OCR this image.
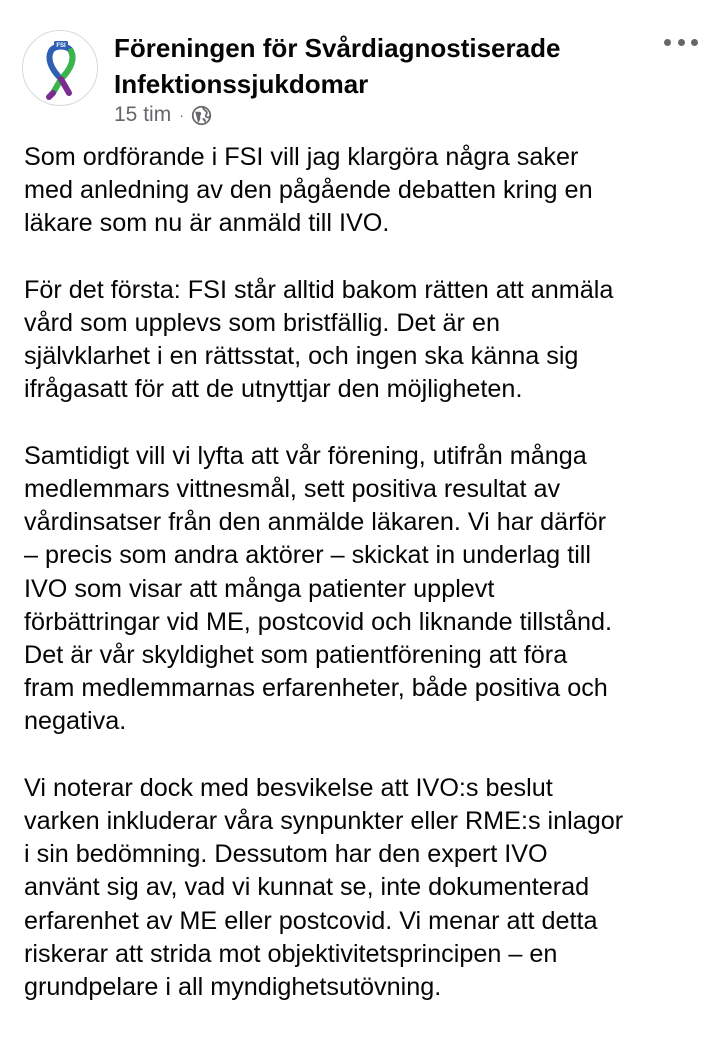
FSI Föreningen för Svårdiagnostiserade Infektionssjukdomar
15 tim ·

Som ordförande i FSI vill jag klargöra några saker
med anledning av den pågående debatten kring en
läkare som nu är anmäld till IVO.

För det första: FSI står alltid bakom rätten att anmäla
vård som upplevs som bristfällig. Det är en
självklarhet i en rättsstat, och ingen ska känna sig
ifrågasatt för att de utnyttjar den möjligheten.

Samtidigt vill vi lyfta att vår förening, utifrån många
medlemmars vittnesmål, sett positiva resultat av
vårdinsatser från den anmälde läkaren. Vi har därför
– precis som andra aktörer – skickat in underlag till
IVO som visar att många patienter upplevt
förbättringar vid ME, postcovid och liknande tillstånd.
Det är vår skyldighet som patientförening att föra
fram medlemmarnas erfarenheter, både positiva och
negativa.

Vi noterar dock med besvikelse att IVO:s beslut
varken inkluderar våra synpunkter eller RME:s inlagor
i sin bedömning. Dessutom har den expert IVO
använt sig av, vad vi kunnat se, inte dokumenterad
erfarenhet av ME eller postcovid. Vi menar att detta
riskerar att strida mot objektivitetsprincipen – en
grundpelare i all myndighetsutövning.
